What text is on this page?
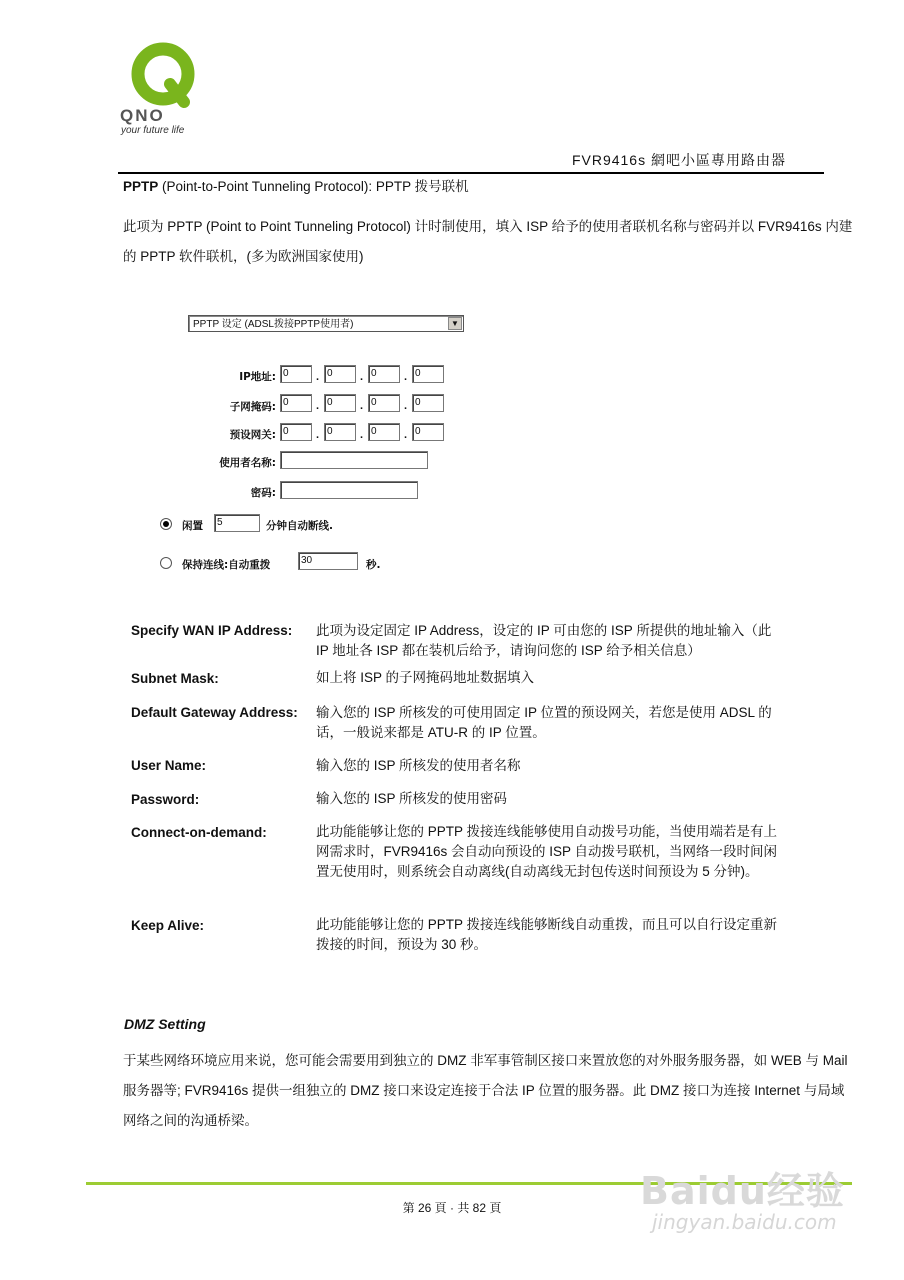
QNO
your future life
FVR9416s 網吧小區專用路由器
PPTP (Point-to-Point Tunneling Protocol): PPTP 拨号联机
此项为 PPTP (Point to Point Tunneling Protocol) 计时制使用，填入 ISP 给予的使用者联机名称与密码并以 FVR9416s 内建的 PPTP 软件联机，(多为欧洲国家使用)
PPTP 设定 (ADSL拨接PPTP使用者)	▼
IP地址: 0	. 0	. 0	. 0
子网掩码: 0	. 0	. 0	. 0
预设网关: 0	. 0	. 0	. 0
使用者名称:
密码:
闲置	5	分钟自动断线.
保持连线:自动重拨	30	秒.
Specify WAN IP Address:	此项为设定固定 IP Address，设定的 IP 可由您的 ISP 所提供的地址输入（此 IP 地址各 ISP 都在装机后给予，请询问您的 ISP 给予相关信息）
Subnet Mask:	如上将 ISP 的子网掩码地址数据填入
Default Gateway Address: 输入您的 ISP 所核发的可使用固定 IP 位置的预设网关，若您是使用 ADSL 的话，一般说来都是 ATU-R 的 IP 位置。
User Name:	输入您的 ISP 所核发的使用者名称
Password:	输入您的 ISP 所核发的使用密码
Connect-on-demand:	此功能能够让您的 PPTP 拨接连线能够使用自动拨号功能，当使用端若是有上网需求时，FVR9416s 会自动向预设的 ISP 自动拨号联机，当网络一段时间闲置无使用时，则系统会自动离线(自动离线无封包传送时间预设为 5 分钟)。
Keep Alive:	此功能能够让您的 PPTP 拨接连线能够断线自动重拨，而且可以自行设定重新拨接的时间，预设为 30 秒。
DMZ Setting
于某些网络环境应用来说，您可能会需要用到独立的 DMZ 非军事管制区接口来置放您的对外服务服务器，如 WEB 与 Mail 服务器等; FVR9416s 提供一组独立的 DMZ 接口来设定连接于合法 IP 位置的服务器。此 DMZ 接口为连接 Internet 与局域网络之间的沟通桥梁。
第 26 頁 · 共 82 頁	Baidu经验
jingyan.baidu.com
